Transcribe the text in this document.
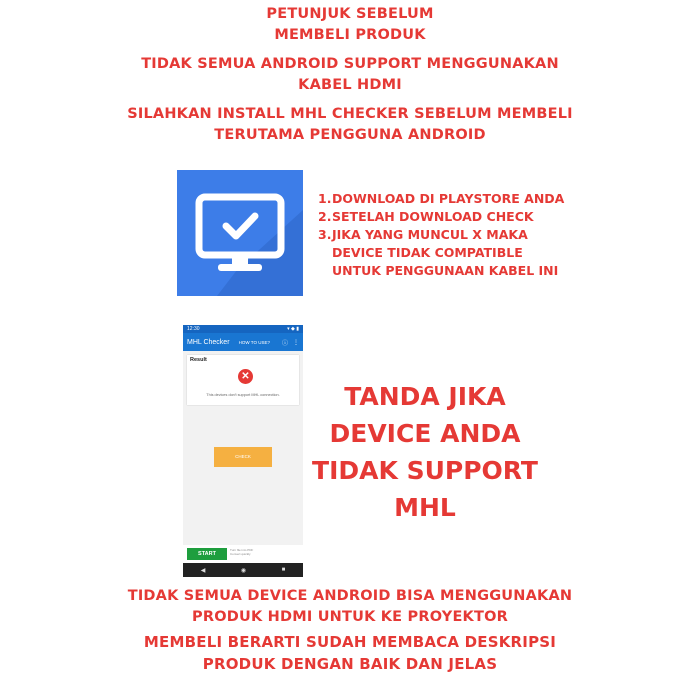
PETUNJUK SEBELUM
MEMBELI PRODUK
TIDAK SEMUA ANDROID SUPPORT MENGGUNAKAN
KABEL HDMI
SILAHKAN INSTALL MHL CHECKER SEBELUM MEMBELI
TERUTAMA PENGGUNA ANDROID
1. DOWNLOAD DI PLAYSTORE ANDA
2. SETELAH DOWNLOAD CHECK
3. JIKA YANG MUNCUL X MAKA
DEVICE TIDAK COMPATIBLE
UNTUK PENGGUNAAN KABEL INI
12:30	▾ ◆ ▮
MHL Checker	HOW TO USE? ⓘ ⋮
Result
✕
This devices don't support MHL connection.
CHECK
START
Turn file into PDF
Convert quickly
◀	◉	■
TANDA JIKA
DEVICE ANDA
TIDAK SUPPORT
MHL
TIDAK SEMUA DEVICE ANDROID BISA MENGGUNAKAN
PRODUK HDMI UNTUK KE PROYEKTOR
MEMBELI BERARTI SUDAH MEMBACA DESKRIPSI
PRODUK DENGAN BAIK DAN JELAS
